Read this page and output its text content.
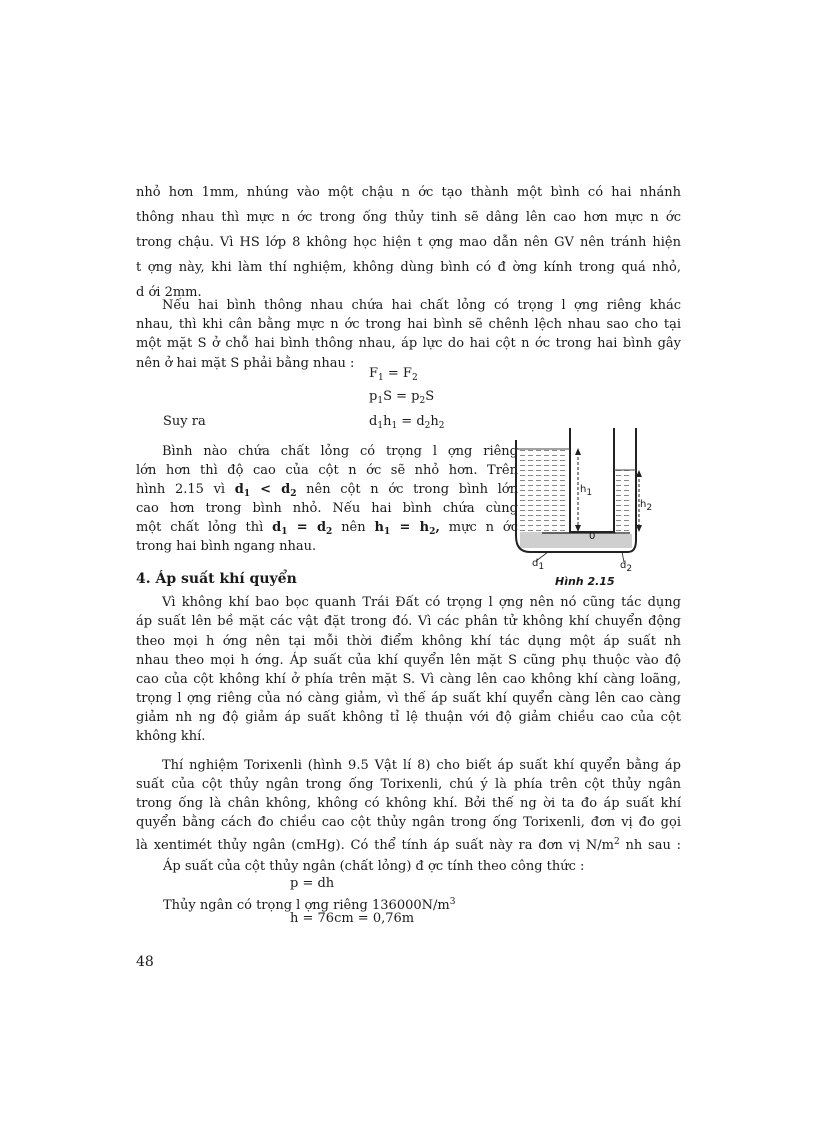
nhỏ hơn 1mm, nhúng vào một chậu n ớc tạo thành một bình có hai nhánh
thông nhau thì mực n ớc trong ống thủy tinh sẽ dâng lên cao hơn mực n ớc
trong chậu. Vì HS lớp 8 không học hiện t ợng mao dẫn nên GV nên tránh hiện
t ợng này, khi làm thí nghiệm, không dùng bình có đ ờng kính trong quá nhỏ,
d ới 2mm.
Nếu hai bình thông nhau chứa hai chất lỏng có trọng l ợng riêng khác
nhau, thì khi cân bằng mực n ớc trong hai bình sẽ chênh lệch nhau sao cho tại
một mặt S ở chỗ hai bình thông nhau, áp lực do hai cột n ớc trong hai bình gây
nên ở hai mặt S phải bằng nhau :
$F_1 = F_2$
$p_1S = p_2S$
Suy ra	$d_1h_1 = d_2h_2$
Bình nào chứa chất lỏng có trọng l ợng riêng
lớn hơn thì độ cao của cột n ớc sẽ nhỏ hơn. Trên
hình 2.15 vì $d_1 < d_2$ nên cột n ớc trong bình lớn
cao hơn trong bình nhỏ. Nếu hai bình chứa cùng
một chất lỏng thì $d_1 = d_2$ nên $h_1 = h_2$, mực n ớc
trong hai bình ngang nhau.
h1
h2
0
d1	d2
Hình 2.15
4. Áp suất khí quyển
Vì không khí bao bọc quanh Trái Đất có trọng l ợng nên nó cũng tác dụng
áp suất lên bề mặt các vật đặt trong đó. Vì các phân tử không khí chuyển động
theo mọi h ớng nên tại mỗi thời điểm không khí tác dụng một áp suất nh
nhau theo mọi h ớng. Áp suất của khí quyển lên mặt S cũng phụ thuộc vào độ
cao của cột không khí ở phía trên mặt S. Vì càng lên cao không khí càng loãng,
trọng l ợng riêng của nó càng giảm, vì thế áp suất khí quyển càng lên cao càng
giảm nh ng độ giảm áp suất không tỉ lệ thuận với độ giảm chiều cao của cột
không khí.
Thí nghiệm Torixenli (hình 9.5 Vật lí 8) cho biết áp suất khí quyển bằng áp
suất của cột thủy ngân trong ống Torixenli, chú ý là phía trên cột thủy ngân
trong ống là chân không, không có không khí. Bởi thế ng ời ta đo áp suất khí
quyển bằng cách đo chiều cao cột thủy ngân trong ống Torixenli, đơn vị đo gọi
là xentimét thủy ngân (cmHg). Có thể tính áp suất này ra đơn vị $N/m^2$ nh sau :
Áp suất của cột thủy ngân (chất lỏng) đ ợc tính theo công thức :
p = dh
Thủy ngân có trọng l ợng riêng $136000N/m^3$
h = 76cm = 0,76m
48
